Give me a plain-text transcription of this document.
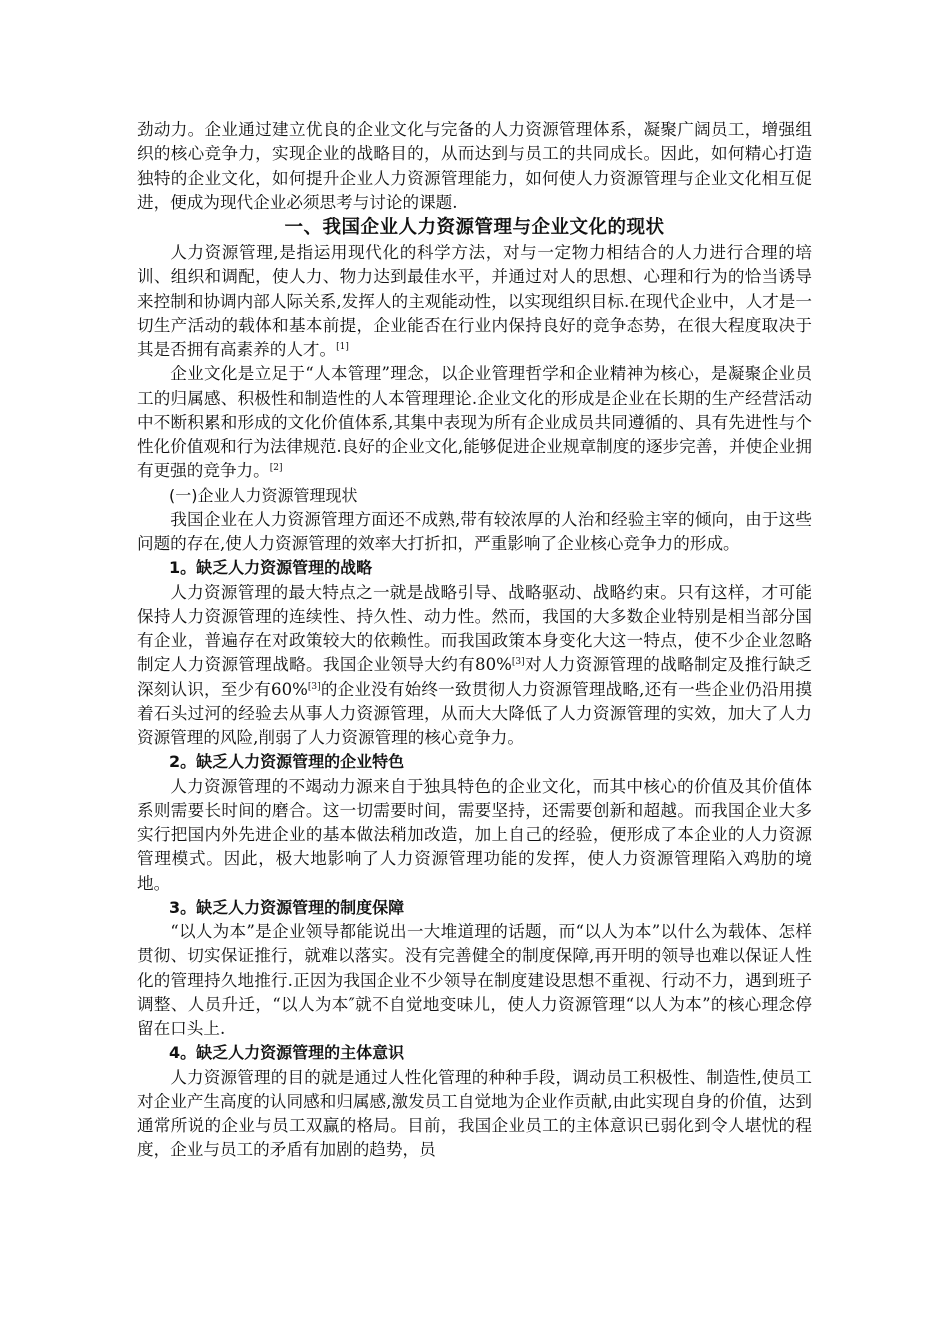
劲动力。企业通过建立优良的企业文化与完备的人力资源管理体系，凝聚广阔员工，增强组织的核心竞争力，实现企业的战略目的，从而达到与员工的共同成长。因此，如何精心打造独特的企业文化，如何提升企业人力资源管理能力，如何使人力资源管理与企业文化相互促进，便成为现代企业必须思考与讨论的课题.

一、我国企业人力资源管理与企业文化的现状

人力资源管理,是指运用现代化的科学方法，对与一定物力相结合的人力进行合理的培训、组织和调配，使人力、物力达到最佳水平，并通过对人的思想、心理和行为的恰当诱导来控制和协调内部人际关系,发挥人的主观能动性，以实现组织目标.在现代企业中，人才是一切生产活动的载体和基本前提，企业能否在行业内保持良好的竞争态势，在很大程度取决于其是否拥有高素养的人才。[1]

企业文化是立足于“人本管理”理念，以企业管理哲学和企业精神为核心，是凝聚企业员工的归属感、积极性和制造性的人本管理理论.企业文化的形成是企业在长期的生产经营活动中不断积累和形成的文化价值体系,其集中表现为所有企业成员共同遵循的、具有先进性与个性化价值观和行为法律规范.良好的企业文化,能够促进企业规章制度的逐步完善，并使企业拥有更强的竞争力。[2]

(一)企业人力资源管理现状

我国企业在人力资源管理方面还不成熟,带有较浓厚的人治和经验主宰的倾向，由于这些问题的存在,使人力资源管理的效率大打折扣，严重影响了企业核心竞争力的形成。

1。缺乏人力资源管理的战略

人力资源管理的最大特点之一就是战略引导、战略驱动、战略约束。只有这样，才可能保持人力资源管理的连续性、持久性、动力性。然而，我国的大多数企业特别是相当部分国有企业，普遍存在对政策较大的依赖性。而我国政策本身变化大这一特点，使不少企业忽略制定人力资源管理战略。我国企业领导大约有80%[3]对人力资源管理的战略制定及推行缺乏深刻认识，至少有60%[3]的企业没有始终一致贯彻人力资源管理战略,还有一些企业仍沿用摸着石头过河的经验去从事人力资源管理，从而大大降低了人力资源管理的实效，加大了人力资源管理的风险,削弱了人力资源管理的核心竞争力。

2。缺乏人力资源管理的企业特色

人力资源管理的不竭动力源来自于独具特色的企业文化，而其中核心的价值及其价值体系则需要长时间的磨合。这一切需要时间，需要坚持，还需要创新和超越。而我国企业大多实行把国内外先进企业的基本做法稍加改造，加上自己的经验，便形成了本企业的人力资源管理模式。因此，极大地影响了人力资源管理功能的发挥，使人力资源管理陷入鸡肋的境地。

3。缺乏人力资源管理的制度保障

“以人为本”是企业领导都能说出一大堆道理的话题，而“以人为本”以什么为载体、怎样贯彻、切实保证推行，就难以落实。没有完善健全的制度保障,再开明的领导也难以保证人性化的管理持久地推行.正因为我国企业不少领导在制度建设思想不重视、行动不力，遇到班子调整、人员升迁，“以人为本″就不自觉地变味儿，使人力资源管理“以人为本”的核心理念停留在口头上.

4。缺乏人力资源管理的主体意识

人力资源管理的目的就是通过人性化管理的种种手段，调动员工积极性、制造性,使员工对企业产生高度的认同感和归属感,激发员工自觉地为企业作贡献,由此实现自身的价值，达到通常所说的企业与员工双赢的格局。目前，我国企业员工的主体意识已弱化到令人堪忧的程度，企业与员工的矛盾有加剧的趋势，员
